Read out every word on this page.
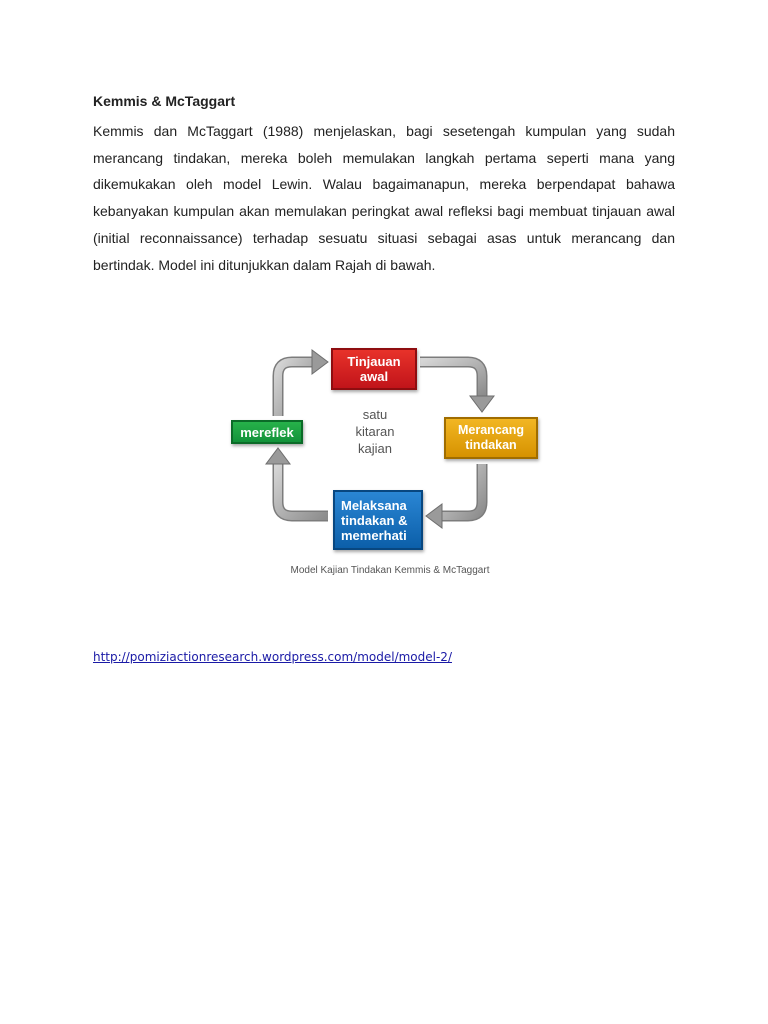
Kemmis & McTaggart
Kemmis dan McTaggart (1988) menjelaskan, bagi sesetengah kumpulan yang sudah merancang tindakan, mereka boleh memulakan langkah pertama seperti mana yang dikemukakan oleh model Lewin. Walau bagaimanapun, mereka berpendapat bahawa kebanyakan kumpulan akan memulakan peringkat awal refleksi bagi membuat tinjauan awal (initial reconnaissance) terhadap sesuatu situasi sebagai asas untuk merancang dan bertindak. Model ini ditunjukkan dalam Rajah di bawah.
Tinjauan
awal
Merancang
tindakan
Melaksana
tindakan &
memerhati
mereflek
satu
kitaran
kajian
Model Kajian Tindakan Kemmis & McTaggart
http://pomiziactionresearch.wordpress.com/model/model-2/
